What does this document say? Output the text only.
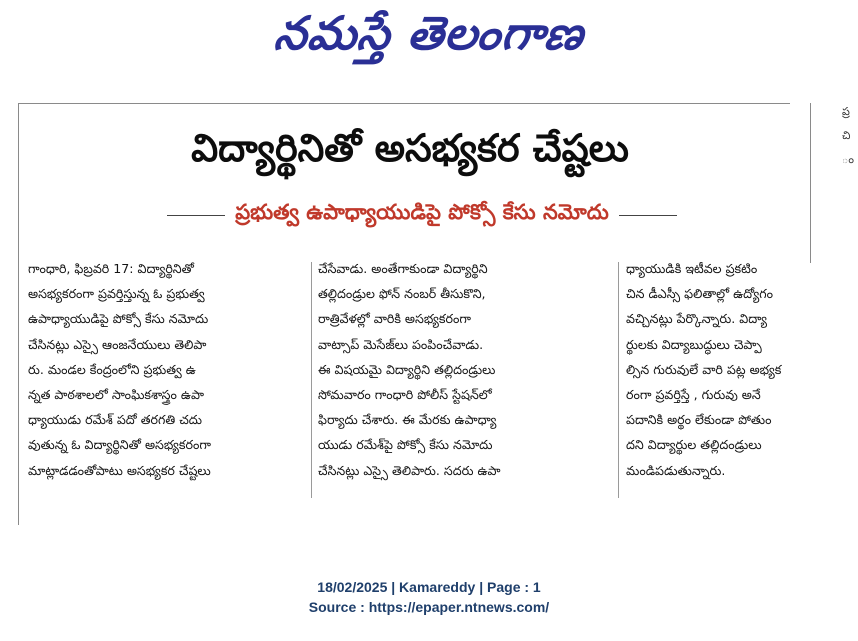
నమస్తే తెలంగాణ
ప్ర
చి
ం
విద్యార్థినితో అసభ్యకర చేష్టలు
ప్రభుత్వ ఉపాధ్యాయుడిపై పోక్సో కేసు నమోదు
గాంధారి, ఫిబ్రవరి 17: విద్యార్థినితో
అసభ్యకరంగా ప్రవర్తిస్తున్న ఓ ప్రభుత్వ
ఉపాధ్యాయుడిపై పోక్సో కేసు నమోదు
చేసినట్లు ఎస్సై ఆంజనేయులు తెలిపా
రు. మండల కేంద్రంలోని ప్రభుత్వ ఉ
న్నత పాఠశాలలో సాంఘికశాస్త్రం ఉపా
ధ్యాయుడు రమేశ్ పదో తరగతి చదు
వుతున్న ఓ విద్యార్థినితో అసభ్యకరంగా
మాట్లాడడంతోపాటు అసభ్యకర చేష్టలు
చేసేవాడు. అంతేగాకుండా విద్యార్థిని
తల్లిదండ్రుల ఫోన్ నంబర్ తీసుకొని,
రాత్రివేళల్లో వారికి అసభ్యకరంగా
వాట్సాప్ మెసేజ్‌లు పంపించేవాడు.
ఈ విషయమై విద్యార్థిని తల్లిదండ్రులు
సోమవారం గాంధారి పోలీస్ స్టేషన్‌లో
ఫిర్యాదు చేశారు. ఈ మేరకు ఉపాధ్యా
యుడు రమేశ్‌పై పోక్సో కేసు నమోదు
చేసినట్లు ఎస్సై తెలిపారు. సదరు ఉపా
ధ్యాయుడికి ఇటీవల ప్రకటిం
చిన డీఎస్సీ ఫలితాల్లో ఉద్యోగం
వచ్చినట్లు పేర్కొన్నారు. విద్యా
ర్థులకు విద్యాబుద్ధులు చెప్పా
ల్సిన గురువులే వారి పట్ల అభ్యక
రంగా ప్రవర్తిస్తే , గురువు అనే
పదానికి అర్థం లేకుండా పోతుం
దని విద్యార్థుల తల్లిదండ్రులు
మండిపడుతున్నారు.
18/02/2025 | Kamareddy | Page : 1
Source : https://epaper.ntnews.com/
